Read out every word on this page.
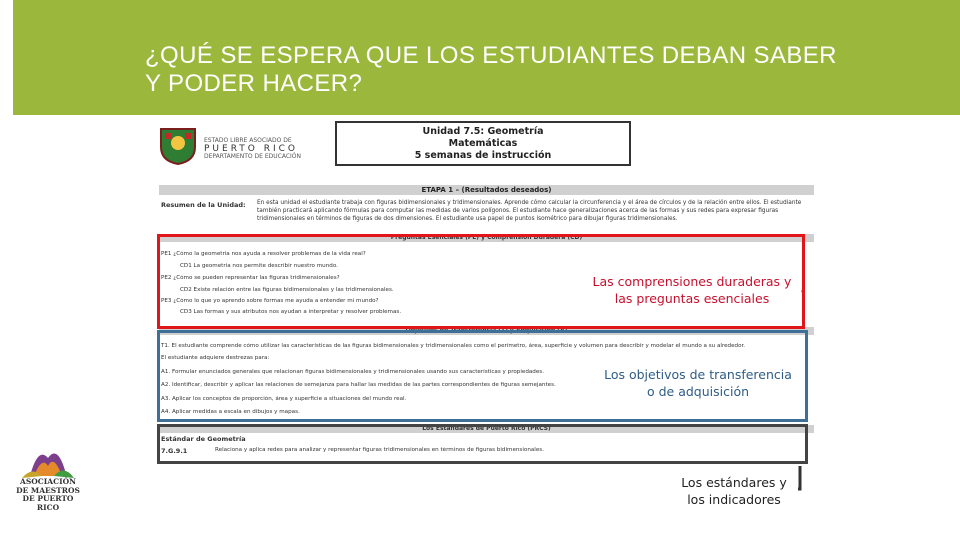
¿QUÉ SE ESPERA QUE LOS ESTUDIANTES DEBAN SABER Y PODER HACER?
ESTADO LIBRE ASOCIADO DE
PUERTO RICO
DEPARTAMENTO DE EDUCACIÓN
Unidad 7.5: Geometría
Matemáticas
5 semanas de instrucción
ETAPA 1 – (Resultados deseados)
Resumen de la Unidad: En esta unidad el estudiante trabaja con figuras bidimensionales y tridimensionales. Aprende cómo calcular la circunferencia y el área de círculos y de la relación entre ellos. El estudiante también practicará aplicando fórmulas para computar las medidas de varios polígonos. El estudiante hace generalizaciones acerca de las formas y sus redes para expresar figuras tridimensionales en términos de figuras de dos dimensiones. El estudiante usa papel de puntos isométrico para dibujar figuras tridimensionales.
Preguntas Esenciales (PE) y Comprensión Duradera (CD)
PE1 ¿Cómo la geometría nos ayuda a resolver problemas de la vida real?
CD1 La geometría nos permite describir nuestro mundo.
PE2 ¿Cómo se pueden representar las figuras tridimensionales?
CD2 Existe relación entre las figuras bidimensionales y las tridimensionales.
PE3 ¿Cómo lo que yo aprendo sobre formas me ayuda a entender mi mundo?
CD3 Las formas y sus atributos nos ayudan a interpretar y resolver problemas.
Objetivos de Transferencia (T) y Adquisición (A)
T1. El estudiante comprende cómo utilizar las características de las figuras bidimensionales y tridimensionales como el perímetro, área, superficie y volumen para describir y modelar el mundo a su alrededor.
El estudiante adquiere destrezas para:
A1. Formular enunciados generales que relacionan figuras bidimensionales y tridimensionales usando sus características y propiedades.
A2. Identificar, describir y aplicar las relaciones de semejanza para hallar las medidas de las partes correspondientes de figuras semejantes.
A3. Aplicar los conceptos de proporción, área y superficie a situaciones del mundo real.
A4. Aplicar medidas a escala en dibujos y mapas.
Los Estándares de Puerto Rico (PRCS)
Estándar de Geometría
7.G.9.1	Relaciona y aplica redes para analizar y representar figuras tridimensionales en términos de figuras bidimensionales.
Las comprensiones duraderas y las preguntas esenciales
Los objetivos de transferencia o de adquisición
Los estándares y los indicadores
ASOCIACIÓN
DE MAESTROS
DE PUERTO RICO
